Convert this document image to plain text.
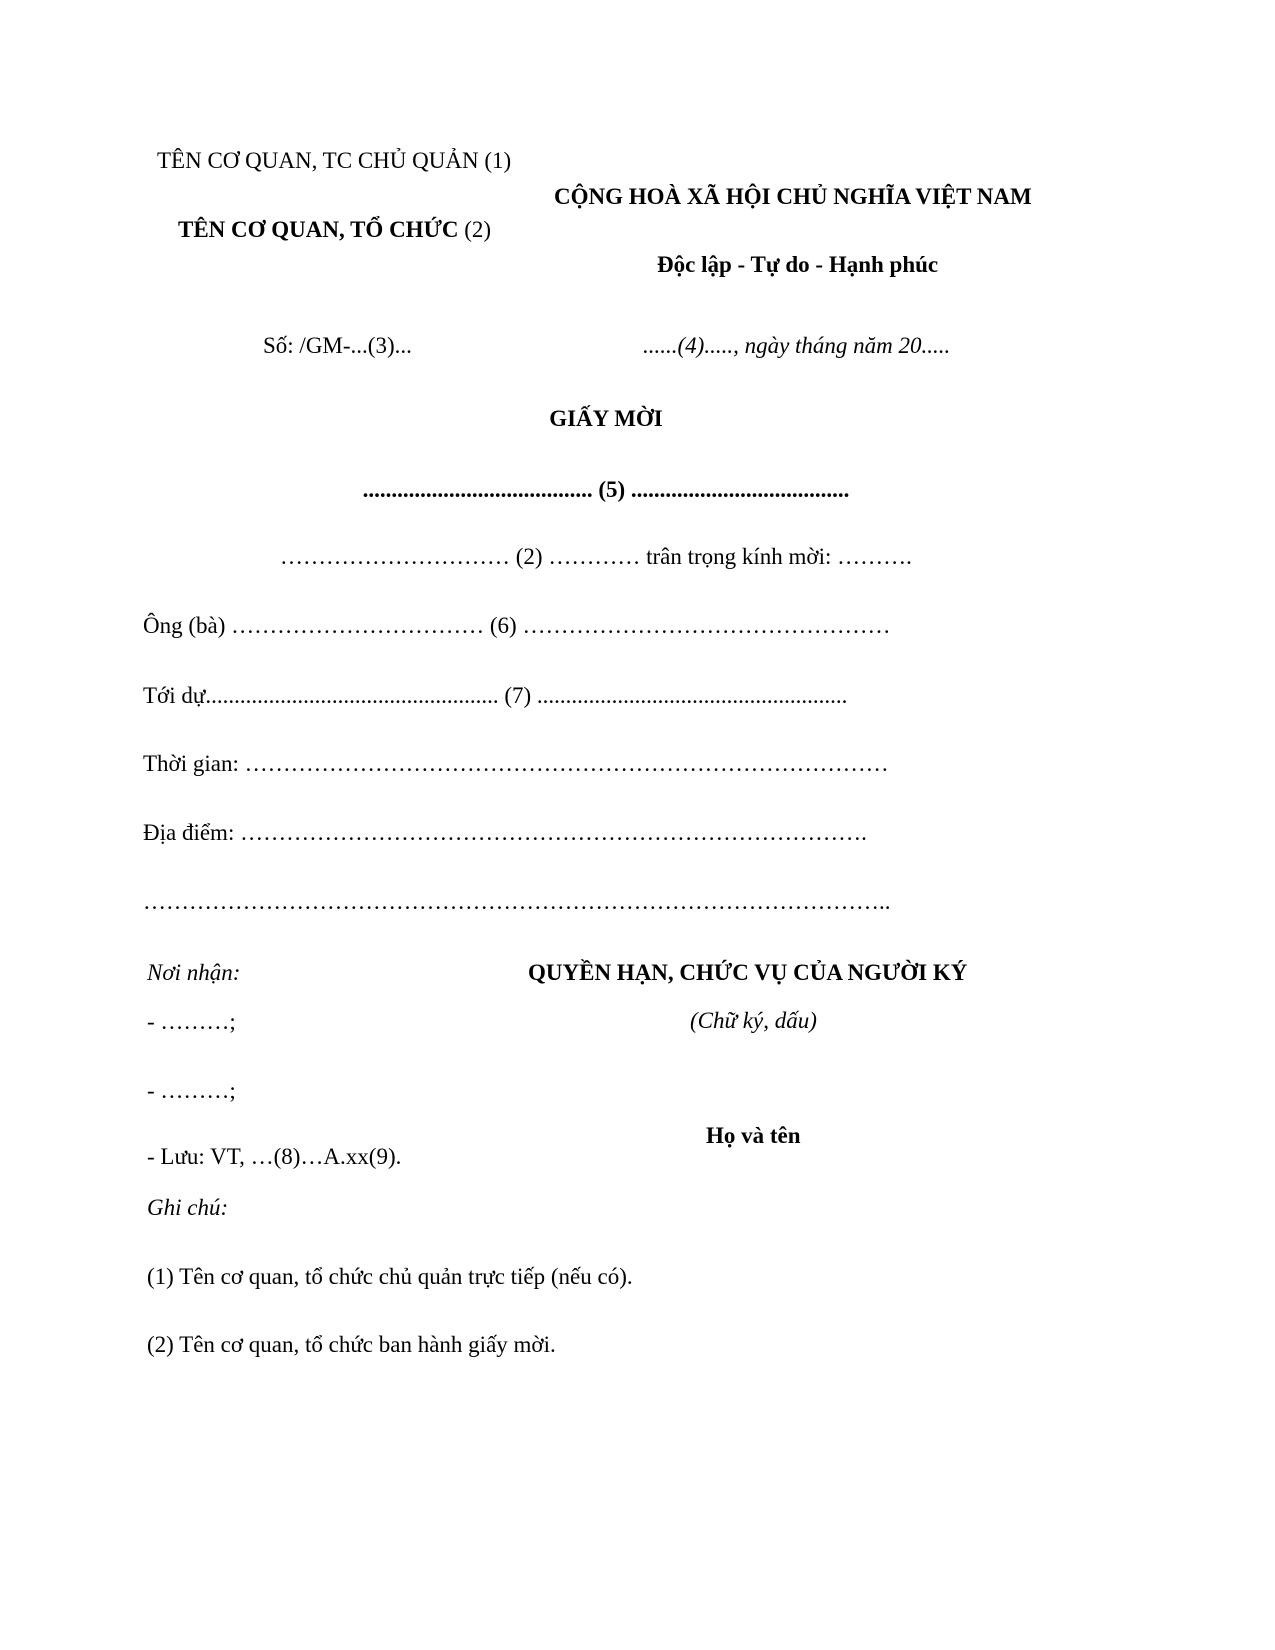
TÊN CƠ QUAN, TC CHỦ QUẢN (1)
TÊN CƠ QUAN, TỔ CHỨC (2)
CỘNG HOÀ XÃ HỘI CHỦ NGHĨA VIỆT NAM
Độc lập - Tự do - Hạnh phúc
Số: /GM-...(3)...	......(4)....., ngày tháng năm 20.....
GIẤY MỜI
........................................ (5) ......................................
………………………… (2) ………… trân trọng kính mời: ……….
Ông (bà) …………………………… (6) …………………………………………
Tới dự................................................... (7) ......................................................
Thời gian: …………………………………………………………………………
Địa điểm: ……………………………………………………………………….
……………………………………………………………………………………..
Nơi nhận:
- ………;
- ………;
- Lưu: VT, …(8)…A.xx(9).
QUYỀN HẠN, CHỨC VỤ CỦA NGƯỜI KÝ
(Chữ ký, dấu)
Họ và tên
Ghi chú:
(1) Tên cơ quan, tổ chức chủ quản trực tiếp (nếu có).
(2) Tên cơ quan, tổ chức ban hành giấy mời.
